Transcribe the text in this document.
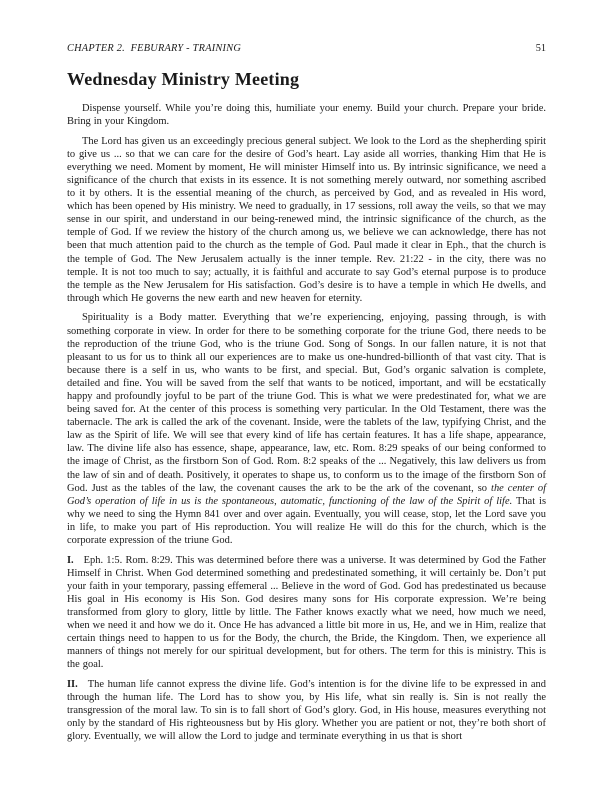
CHAPTER 2.  FEBURARY - TRAINING	51
Wednesday Ministry Meeting

Dispense yourself. While you’re doing this, humiliate your enemy. Build your church. Prepare your bride. Bring in your Kingdom.

The Lord has given us an exceedingly precious general subject. We look to the Lord as the shepherding spirit to give us ... so that we can care for the desire of God’s heart. Lay aside all worries, thanking Him that He is everything we need. Moment by moment, He will minister Himself into us. By intrinsic significance, we need a significance of the church that exists in its essence. It is not something merely outward, nor something ascribed to it by others. It is the essential meaning of the church, as perceived by God, and as revealed in His word, which has been opened by His ministry. We need to gradually, in 17 sessions, roll away the veils, so that we may sense in our spirit, and understand in our being-renewed mind, the intrinsic significance of the church, as the temple of God. If we review the history of the church among us, we believe we can acknowledge, there has not been that much attention paid to the church as the temple of God. Paul made it clear in Eph., that the church is the temple of God. The New Jerusalem actually is the inner temple. Rev. 21:22 - in the city, there was no temple. It is not too much to say; actually, it is faithful and accurate to say God’s eternal purpose is to produce the temple as the New Jerusalem for His satisfaction. God’s desire is to have a temple in which He dwells, and through which He governs the new earth and new heaven for eternity.

Spirituality is a Body matter. Everything that we’re experiencing, enjoying, passing through, is with something corporate in view. In order for there to be something corporate for the triune God, there needs to be the reproduction of the triune God, who is the triune God. Song of Songs. In our fallen nature, it is not that pleasant to us for us to think all our experiences are to make us one-hundred-billionth of that vast city. That is because there is a self in us, who wants to be first, and special. But, God’s organic salvation is complete, detailed and fine. You will be saved from the self that wants to be noticed, important, and will be ecstatically happy and profoundly joyful to be part of the triune God. This is what we were predestinated for, what we are being saved for. At the center of this process is something very particular. In the Old Testament, there was the tabernacle. The ark is called the ark of the covenant. Inside, were the tablets of the law, typifying Christ, and the law as the Spirit of life. We will see that every kind of life has certain features. It has a life shape, appearance, law. The divine life also has essence, shape, appearance, law, etc. Rom. 8:29 speaks of our being conformed to the image of Christ, as the firstborn Son of God. Rom. 8:2 speaks of the ... Negatively, this law delivers us from the law of sin and of death. Positively, it operates to shape us, to conform us to the image of the firstborn Son of God. Just as the tables of the law, the covenant causes the ark to be the ark of the covenant, so the center of God’s operation of life in us is the spontaneous, automatic, functioning of the law of the Spirit of life. That is why we need to sing the Hymn 841 over and over again. Eventually, you will cease, stop, let the Lord save you in life, to make you part of His reproduction. You will realize He will do this for the church, which is the corporate expression of the triune God.

I. Eph. 1:5. Rom. 8:29. This was determined before there was a universe. It was determined by God the Father Himself in Christ. When God determined something and predestinated something, it will certainly be. Don’t put your faith in your temporary, passing effemeral ... Believe in the word of God. God has predestinated us because His goal in His economy is His Son. God desires many sons for His corporate expression. We’re being transformed from glory to glory, little by little. The Father knows exactly what we need, how much we need, when we need it and how we do it. Once He has advanced a little bit more in us, He, and we in Him, realize that certain things need to happen to us for the Body, the church, the Bride, the Kingdom. Then, we experience all manners of things not merely for our spiritual development, but for others. The term for this is ministry. This is the goal.

II. The human life cannot express the divine life. God’s intention is for the divine life to be expressed in and through the human life. The Lord has to show you, by His life, what sin really is. Sin is not really the transgression of the moral law. To sin is to fall short of God’s glory. God, in His house, measures everything not only by the standard of His righteousness but by His glory. Whether you are patient or not, they’re both short of glory. Eventually, we will allow the Lord to judge and terminate everything in us that is short
